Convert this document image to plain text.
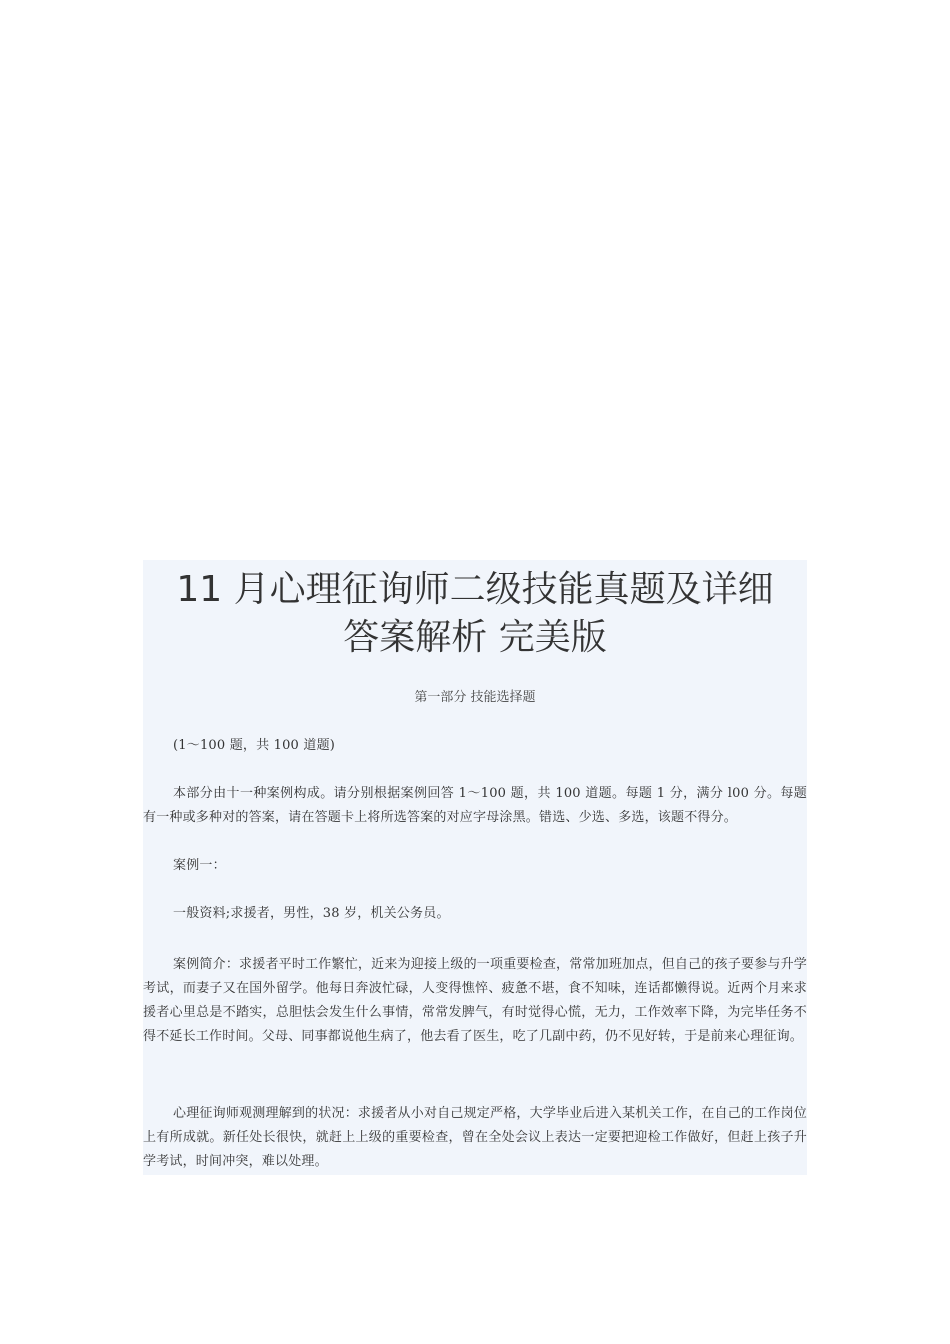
11 月心理征询师二级技能真题及详细
答案解析 完美版
第一部分 技能选择题

(1～100 题，共 100 道题)

本部分由十一种案例构成。请分别根据案例回答 1～100 题，共 100 道题。每题 1 分，满分 l00 分。每题有一种或多种对的答案，请在答题卡上将所选答案的对应字母涂黑。错选、少选、多选，该题不得分。

案例一：

一般资料;求援者，男性，38 岁，机关公务员。

案例简介：求援者平时工作繁忙，近来为迎接上级的一项重要检查，常常加班加点，但自己的孩子要参与升学考试，而妻子又在国外留学。他每日奔波忙碌，人变得憔悴、疲惫不堪，食不知味，连话都懒得说。近两个月来求援者心里总是不踏实，总胆怯会发生什么事情，常常发脾气，有时觉得心慌，无力，工作效率下降，为完毕任务不得不延长工作时间。父母、同事都说他生病了，他去看了医生，吃了几副中药，仍不见好转，于是前来心理征询。

心理征询师观测理解到的状况：求援者从小对自己规定严格，大学毕业后进入某机关工作，在自己的工作岗位上有所成就。新任处长很快，就赶上上级的重要检查，曾在全处会议上表达一定要把迎检工作做好，但赶上孩子升学考试，时间冲突，难以处理。
